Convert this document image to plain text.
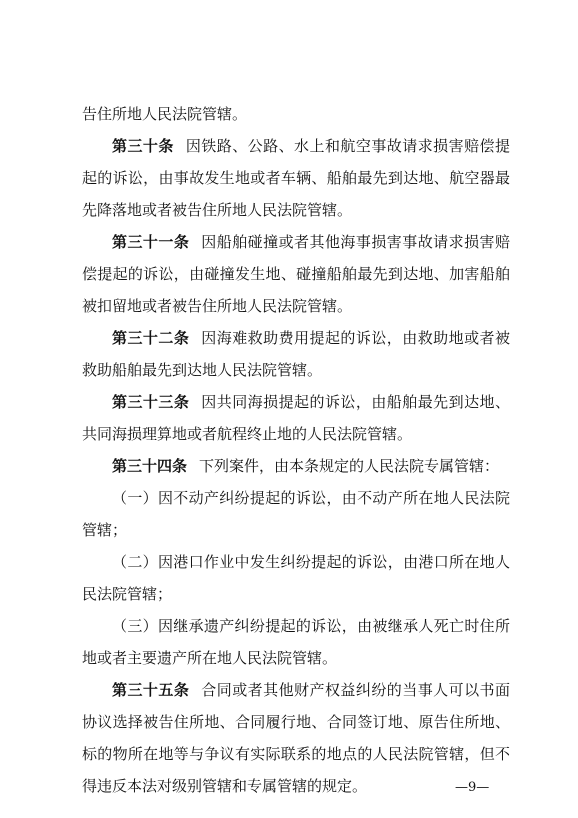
告住所地人民法院管辖。

第三十条 因铁路、公路、水上和航空事故请求损害赔偿提起的诉讼，由事故发生地或者车辆、船舶最先到达地、航空器最先降落地或者被告住所地人民法院管辖。

第三十一条 因船舶碰撞或者其他海事损害事故请求损害赔偿提起的诉讼，由碰撞发生地、碰撞船舶最先到达地、加害船舶被扣留地或者被告住所地人民法院管辖。

第三十二条 因海难救助费用提起的诉讼，由救助地或者被救助船舶最先到达地人民法院管辖。

第三十三条 因共同海损提起的诉讼，由船舶最先到达地、共同海损理算地或者航程终止地的人民法院管辖。

第三十四条 下列案件，由本条规定的人民法院专属管辖：

（一）因不动产纠纷提起的诉讼，由不动产所在地人民法院管辖；

（二）因港口作业中发生纠纷提起的诉讼，由港口所在地人民法院管辖；

（三）因继承遗产纠纷提起的诉讼，由被继承人死亡时住所地或者主要遗产所在地人民法院管辖。

第三十五条 合同或者其他财产权益纠纷的当事人可以书面协议选择被告住所地、合同履行地、合同签订地、原告住所地、标的物所在地等与争议有实际联系的地点的人民法院管辖，但不得违反本法对级别管辖和专属管辖的规定。	—9—
